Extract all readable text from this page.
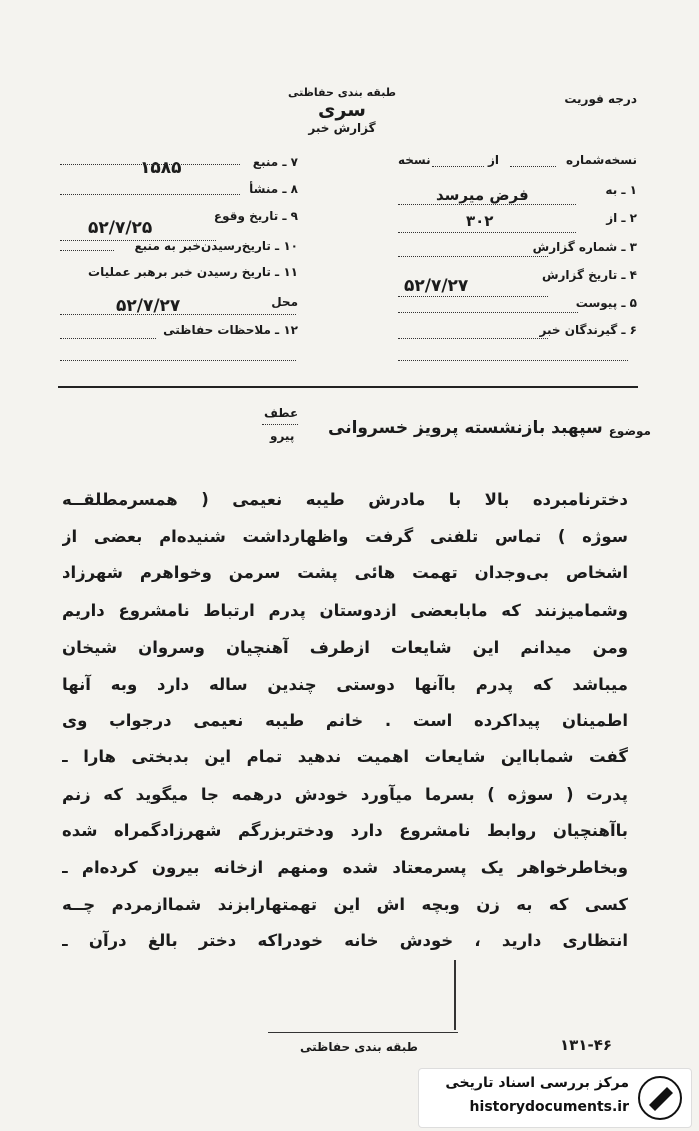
درجه فوریت
طبقه بندی حفاظتی
سری
گزارش خبر
نسخه‌شماره
از
نسخه
۱ ـ به
فرض میرسد
۲ ـ از
۳۰۲
۳ ـ شماره گزارش
۴ ـ تاریخ گزارش
۵۲/۷/۲۷
۵ ـ پیوست
۶ ـ گیرندگان خبر
۷ ـ منبع
۱۵۸۵
۸ ـ منشأ
۹ ـ تاریخ وقوع
۵۲/۷/۲۵
۱۰ ـ تاریخ‌رسیدن‌خبر به منبع
۱۱ ـ تاریخ رسیدن خبر برهبر عملیات
محل
۵۲/۷/۲۷
۱۲ ـ ملاحظات حفاظتی
موضوع
عطف
پیرو سپهبد بازنشسته پرویز خسروانی
دخترنامبرده بالا با مادرش طیبه نعیمی ( همسرمطلقــه
سوژه ) تماس تلفنی گرفت واظهارداشت شنیده‌ام بعضی از
اشخاص بی‌وجدان تهمت هائی پشت سرمن وخواهرم شهرزاد
وشمامیزنند که مابابعضی ازدوستان پدرم ارتباط نامشروع داریم
ومن میدانم این شایعات ازطرف آهنچیان وسروان شیخان
میباشد که پدرم باآنها دوستی چندین ساله دارد وبه آنها
اطمینان پیداکرده است . خانم طیبه نعیمی درجواب وی
گفت شمابااین شایعات اهمیت ندهید تمام این بدبختی هارا ـ
پدرت ( سوژه ) بسرما میآورد خودش درهمه جا میگوید که زنم
باآهنچیان روابط نامشروع دارد ودختربزرگم شهرزادگمراه شده
وبخاطرخواهر یک پسرمعتاد شده ومنهم ازخانه بیرون کرده‌ام ـ
کسی که به زن وبچه اش این تهمتهارابزند شماازمردم چــه
انتظاری دارید ، خودش خانه خودراکه دختر بالغ درآن ـ
طبقه بندی حفاظتی	۱۳۱-۴۶
مرکز بررسی اسناد تاریخی
historydocuments.ir
